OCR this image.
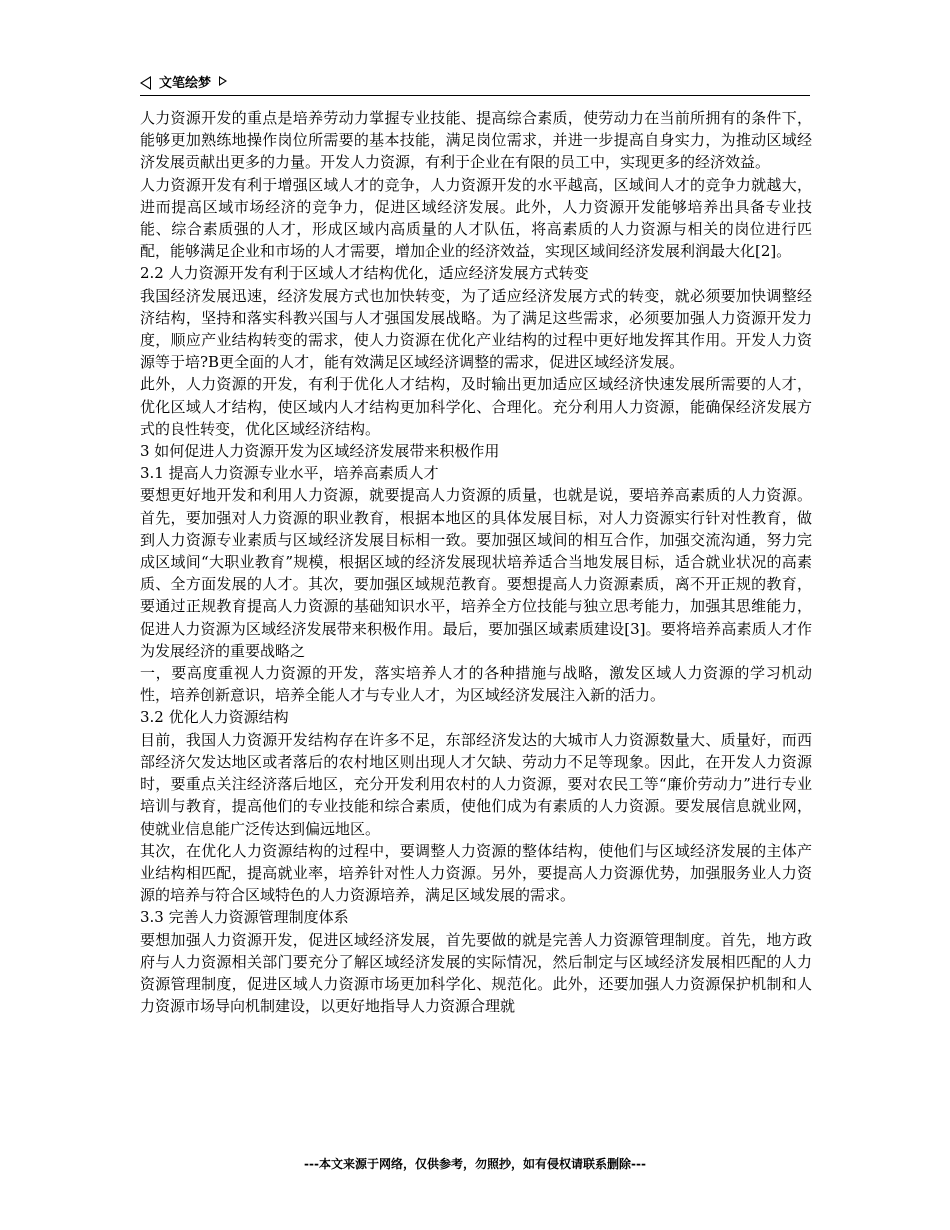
文笔绘梦

人力资源开发的重点是培养劳动力掌握专业技能、提高综合素质，使劳动力在当前所拥有的条件下，能够更加熟练地操作岗位所需要的基本技能，满足岗位需求，并进一步提高自身实力，为推动区域经济发展贡献出更多的力量。开发人力资源，有利于企业在有限的员工中，实现更多的经济效益。

人力资源开发有利于增强区域人才的竞争，人力资源开发的水平越高，区域间人才的竞争力就越大，进而提高区域市场经济的竞争力，促进区域经济发展。此外，人力资源开发能够培养出具备专业技能、综合素质强的人才，形成区域内高质量的人才队伍，将高素质的人力资源与相关的岗位进行匹配，能够满足企业和市场的人才需要，增加企业的经济效益，实现区域间经济发展利润最大化[2]。

2.2 人力资源开发有利于区域人才结构优化，适应经济发展方式转变

我国经济发展迅速，经济发展方式也加快转变，为了适应经济发展方式的转变，就必须要加快调整经济结构，坚持和落实科教兴国与人才强国发展战略。为了满足这些需求，必须要加强人力资源开发力度，顺应产业结构转变的需求，使人力资源在优化产业结构的过程中更好地发挥其作用。开发人力资源等于培?B更全面的人才，能有效满足区域经济调整的需求，促进区域经济发展。

此外，人力资源的开发，有利于优化人才结构，及时输出更加适应区域经济快速发展所需要的人才，优化区域人才结构，使区域内人才结构更加科学化、合理化。充分利用人力资源，能确保经济发展方式的良性转变，优化区域经济结构。

3 如何促进人力资源开发为区域经济发展带来积极作用

3.1 提高人力资源专业水平，培养高素质人才

要想更好地开发和利用人力资源，就要提高人力资源的质量，也就是说，要培养高素质的人力资源。首先，要加强对人力资源的职业教育，根据本地区的具体发展目标，对人力资源实行针对性教育，做到人力资源专业素质与区域经济发展目标相一致。要加强区域间的相互合作，加强交流沟通，努力完成区域间“大职业教育”规模，根据区域的经济发展现状培养适合当地发展目标，适合就业状况的高素质、全方面发展的人才。其次，要加强区域规范教育。要想提高人力资源素质，离不开正规的教育，要通过正规教育提高人力资源的基础知识水平，培养全方位技能与独立思考能力，加强其思维能力，促进人力资源为区域经济发展带来积极作用。最后，要加强区域素质建设[3]。要将培养高素质人才作为发展经济的重要战略之

一，要高度重视人力资源的开发，落实培养人才的各种措施与战略，激发区域人力资源的学习机动性，培养创新意识，培养全能人才与专业人才，为区域经济发展注入新的活力。

3.2 优化人力资源结构

目前，我国人力资源开发结构存在许多不足，东部经济发达的大城市人力资源数量大、质量好，而西部经济欠发达地区或者落后的农村地区则出现人才欠缺、劳动力不足等现象。因此，在开发人力资源时，要重点关注经济落后地区，充分开发利用农村的人力资源，要对农民工等“廉价劳动力”进行专业培训与教育，提高他们的专业技能和综合素质，使他们成为有素质的人力资源。要发展信息就业网，使就业信息能广泛传达到偏远地区。

其次，在优化人力资源结构的过程中，要调整人力资源的整体结构，使他们与区域经济发展的主体产业结构相匹配，提高就业率，培养针对性人力资源。另外，要提高人力资源优势，加强服务业人力资源的培养与符合区域特色的人力资源培养，满足区域发展的需求。

3.3 完善人力资源管理制度体系

要想加强人力资源开发，促进区域经济发展，首先要做的就是完善人力资源管理制度。首先，地方政府与人力资源相关部门要充分了解区域经济发展的实际情况，然后制定与区域经济发展相匹配的人力资源管理制度，促进区域人力资源市场更加科学化、规范化。此外，还要加强人力资源保护机制和人力资源市场导向机制建设，以更好地指导人力资源合理就

---本文来源于网络，仅供参考，勿照抄，如有侵权请联系删除---
